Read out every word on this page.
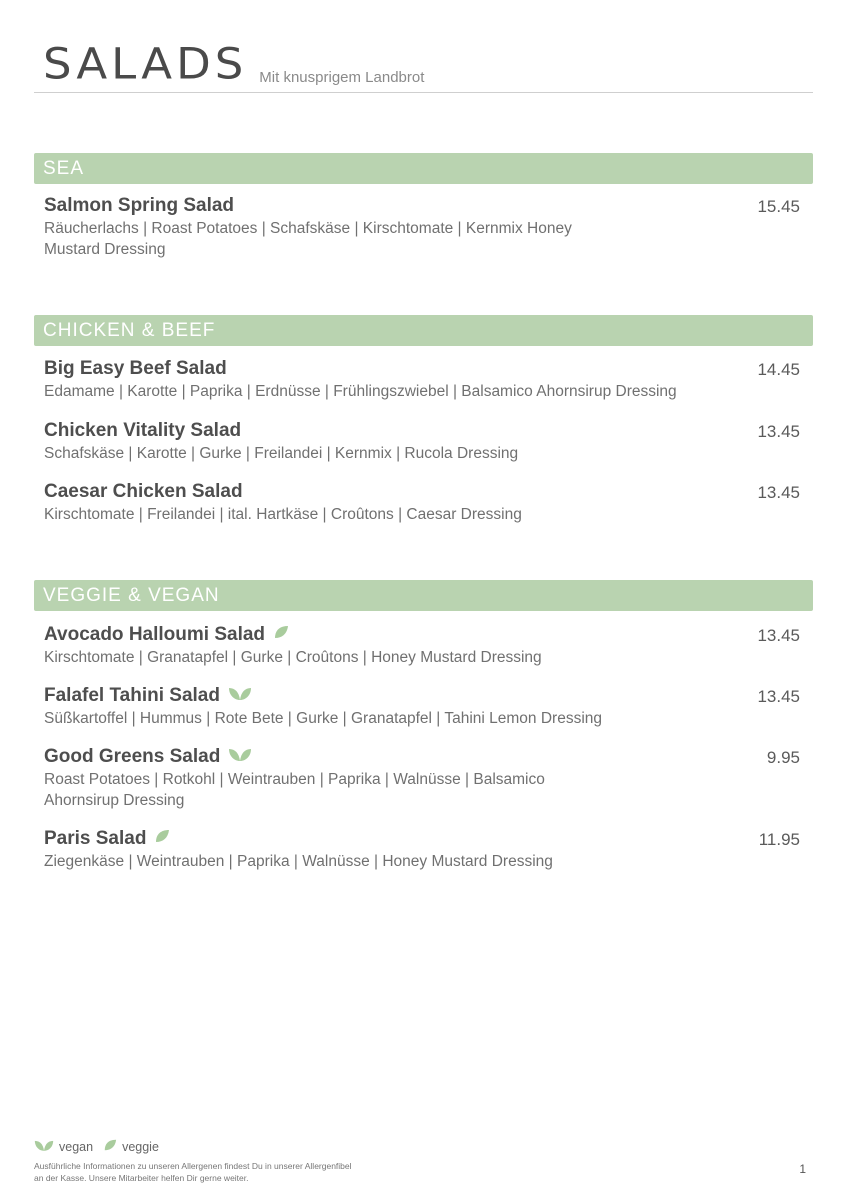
SALADS Mit knusprigem Landbrot
SEA
Salmon Spring Salad
Räucherlachs | Roast Potatoes | Schafskäse | Kirschtomate | Kernmix Honey Mustard Dressing
15.45
CHICKEN & BEEF
Big Easy Beef Salad
Edamame | Karotte | Paprika | Erdnüsse | Frühlingszwiebel | Balsamico Ahornsirup Dressing
14.45
Chicken Vitality Salad
Schafskäse | Karotte | Gurke | Freilandei | Kernmix | Rucola Dressing
13.45
Caesar Chicken Salad
Kirschtomate | Freilandei | ital. Hartkäse | Croûtons | Caesar Dressing
13.45
VEGGIE & VEGAN
Avocado Halloumi Salad
Kirschtomate | Granatapfel | Gurke | Croûtons | Honey Mustard Dressing
13.45
Falafel Tahini Salad
Süßkartoffel | Hummus | Rote Bete | Gurke | Granatapfel | Tahini Lemon Dressing
13.45
Good Greens Salad
Roast Potatoes | Rotkohl | Weintrauben | Paprika | Walnüsse | Balsamico Ahornsirup Dressing
9.95
Paris Salad
Ziegenkäse | Weintrauben | Paprika | Walnüsse | Honey Mustard Dressing
11.95
vegan veggie
Ausführliche Informationen zu unseren Allergenen findest Du in unserer Allergenfibel an der Kasse. Unsere Mitarbeiter helfen Dir gerne weiter.
1
